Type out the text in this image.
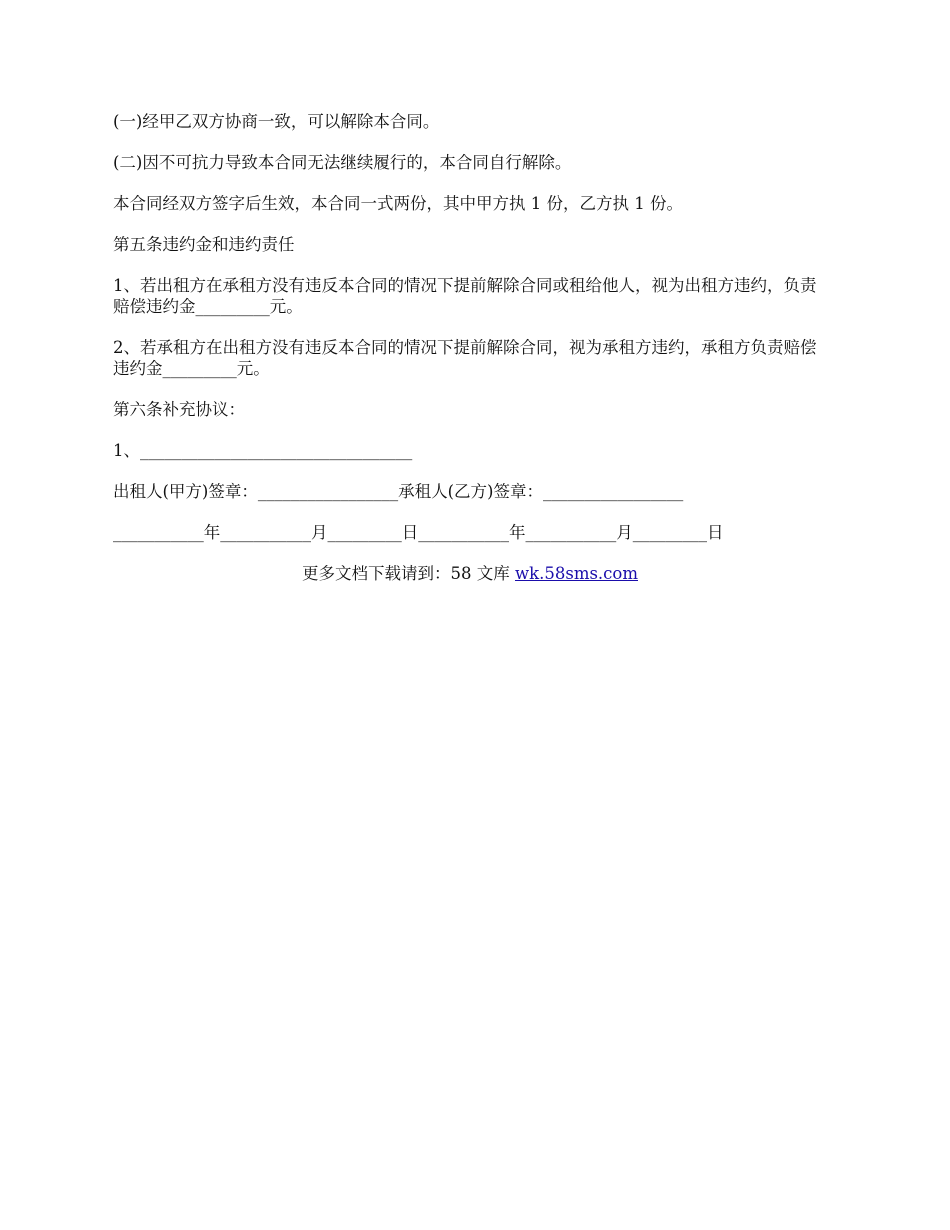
(一)经甲乙双方协商一致，可以解除本合同。

(二)因不可抗力导致本合同无法继续履行的，本合同自行解除。

本合同经双方签字后生效，本合同一式两份，其中甲方执 1 份，乙方执 1 份。

第五条违约金和违约责任

1、若出租方在承租方没有违反本合同的情况下提前解除合同或租给他人，视为出租方违约，负责赔偿违约金_________元。

2、若承租方在出租方没有违反本合同的情况下提前解除合同，视为承租方违约，承租方负责赔偿违约金_________元。

第六条补充协议：

1、_________________________________

出租人(甲方)签章：_________________承租人(乙方)签章：_________________

___________年___________月_________日___________年___________月_________日

更多文档下载请到：58 文库 wk.58sms.com
